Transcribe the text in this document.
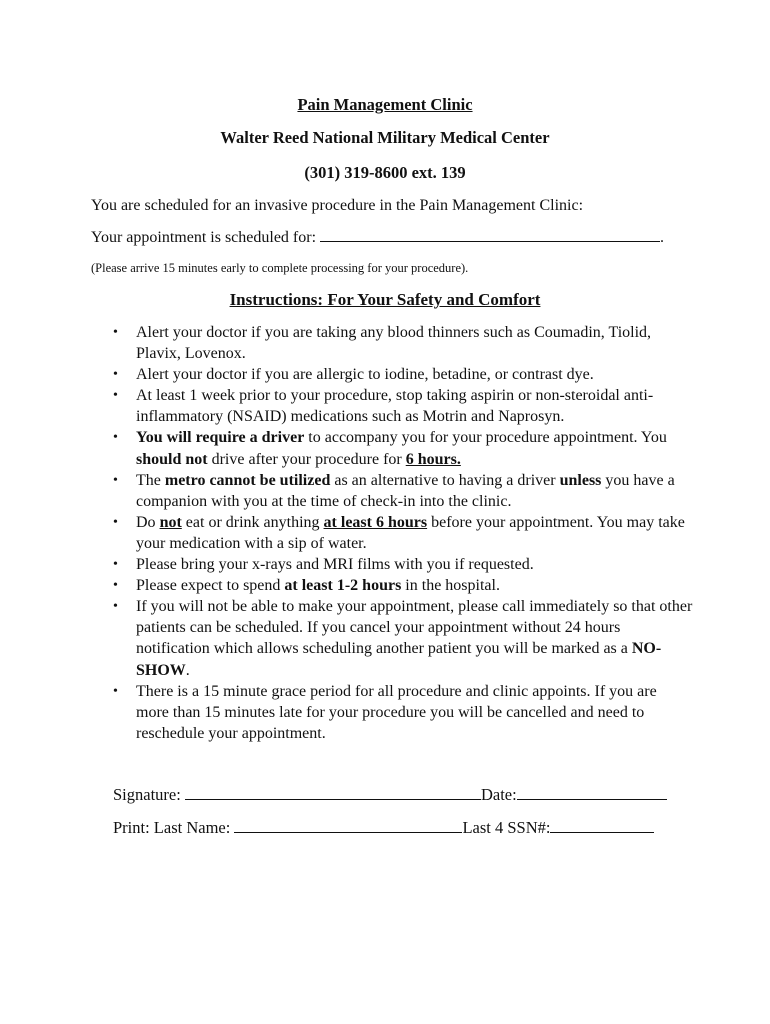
Pain Management Clinic
Walter Reed National Military Medical Center
(301) 319-8600 ext. 139
You are scheduled for an invasive procedure in the Pain Management Clinic:
Your appointment is scheduled for:	.
(Please arrive 15 minutes early to complete processing for your procedure).
Instructions: For Your Safety and Comfort
• Alert your doctor if you are taking any blood thinners such as Coumadin, Tiolid, Plavix, Lovenox.
• Alert your doctor if you are allergic to iodine, betadine, or contrast dye.
• At least 1 week prior to your procedure, stop taking aspirin or non-steroidal anti-inflammatory (NSAID) medications such as Motrin and Naprosyn.
• You will require a driver to accompany you for your procedure appointment. You should not drive after your procedure for 6 hours.
• The metro cannot be utilized as an alternative to having a driver unless you have a companion with you at the time of check-in into the clinic.
• Do not eat or drink anything at least 6 hours before your appointment. You may take your medication with a sip of water.
• Please bring your x-rays and MRI films with you if requested.
• Please expect to spend at least 1-2 hours in the hospital.
• If you will not be able to make your appointment, please call immediately so that other patients can be scheduled. If you cancel your appointment without 24 hours notification which allows scheduling another patient you will be marked as a NO-SHOW.
• There is a 15 minute grace period for all procedure and clinic appoints. If you are more than 15 minutes late for your procedure you will be cancelled and need to reschedule your appointment.
Signature:	Date:
Print: Last Name:	Last 4 SSN#:
